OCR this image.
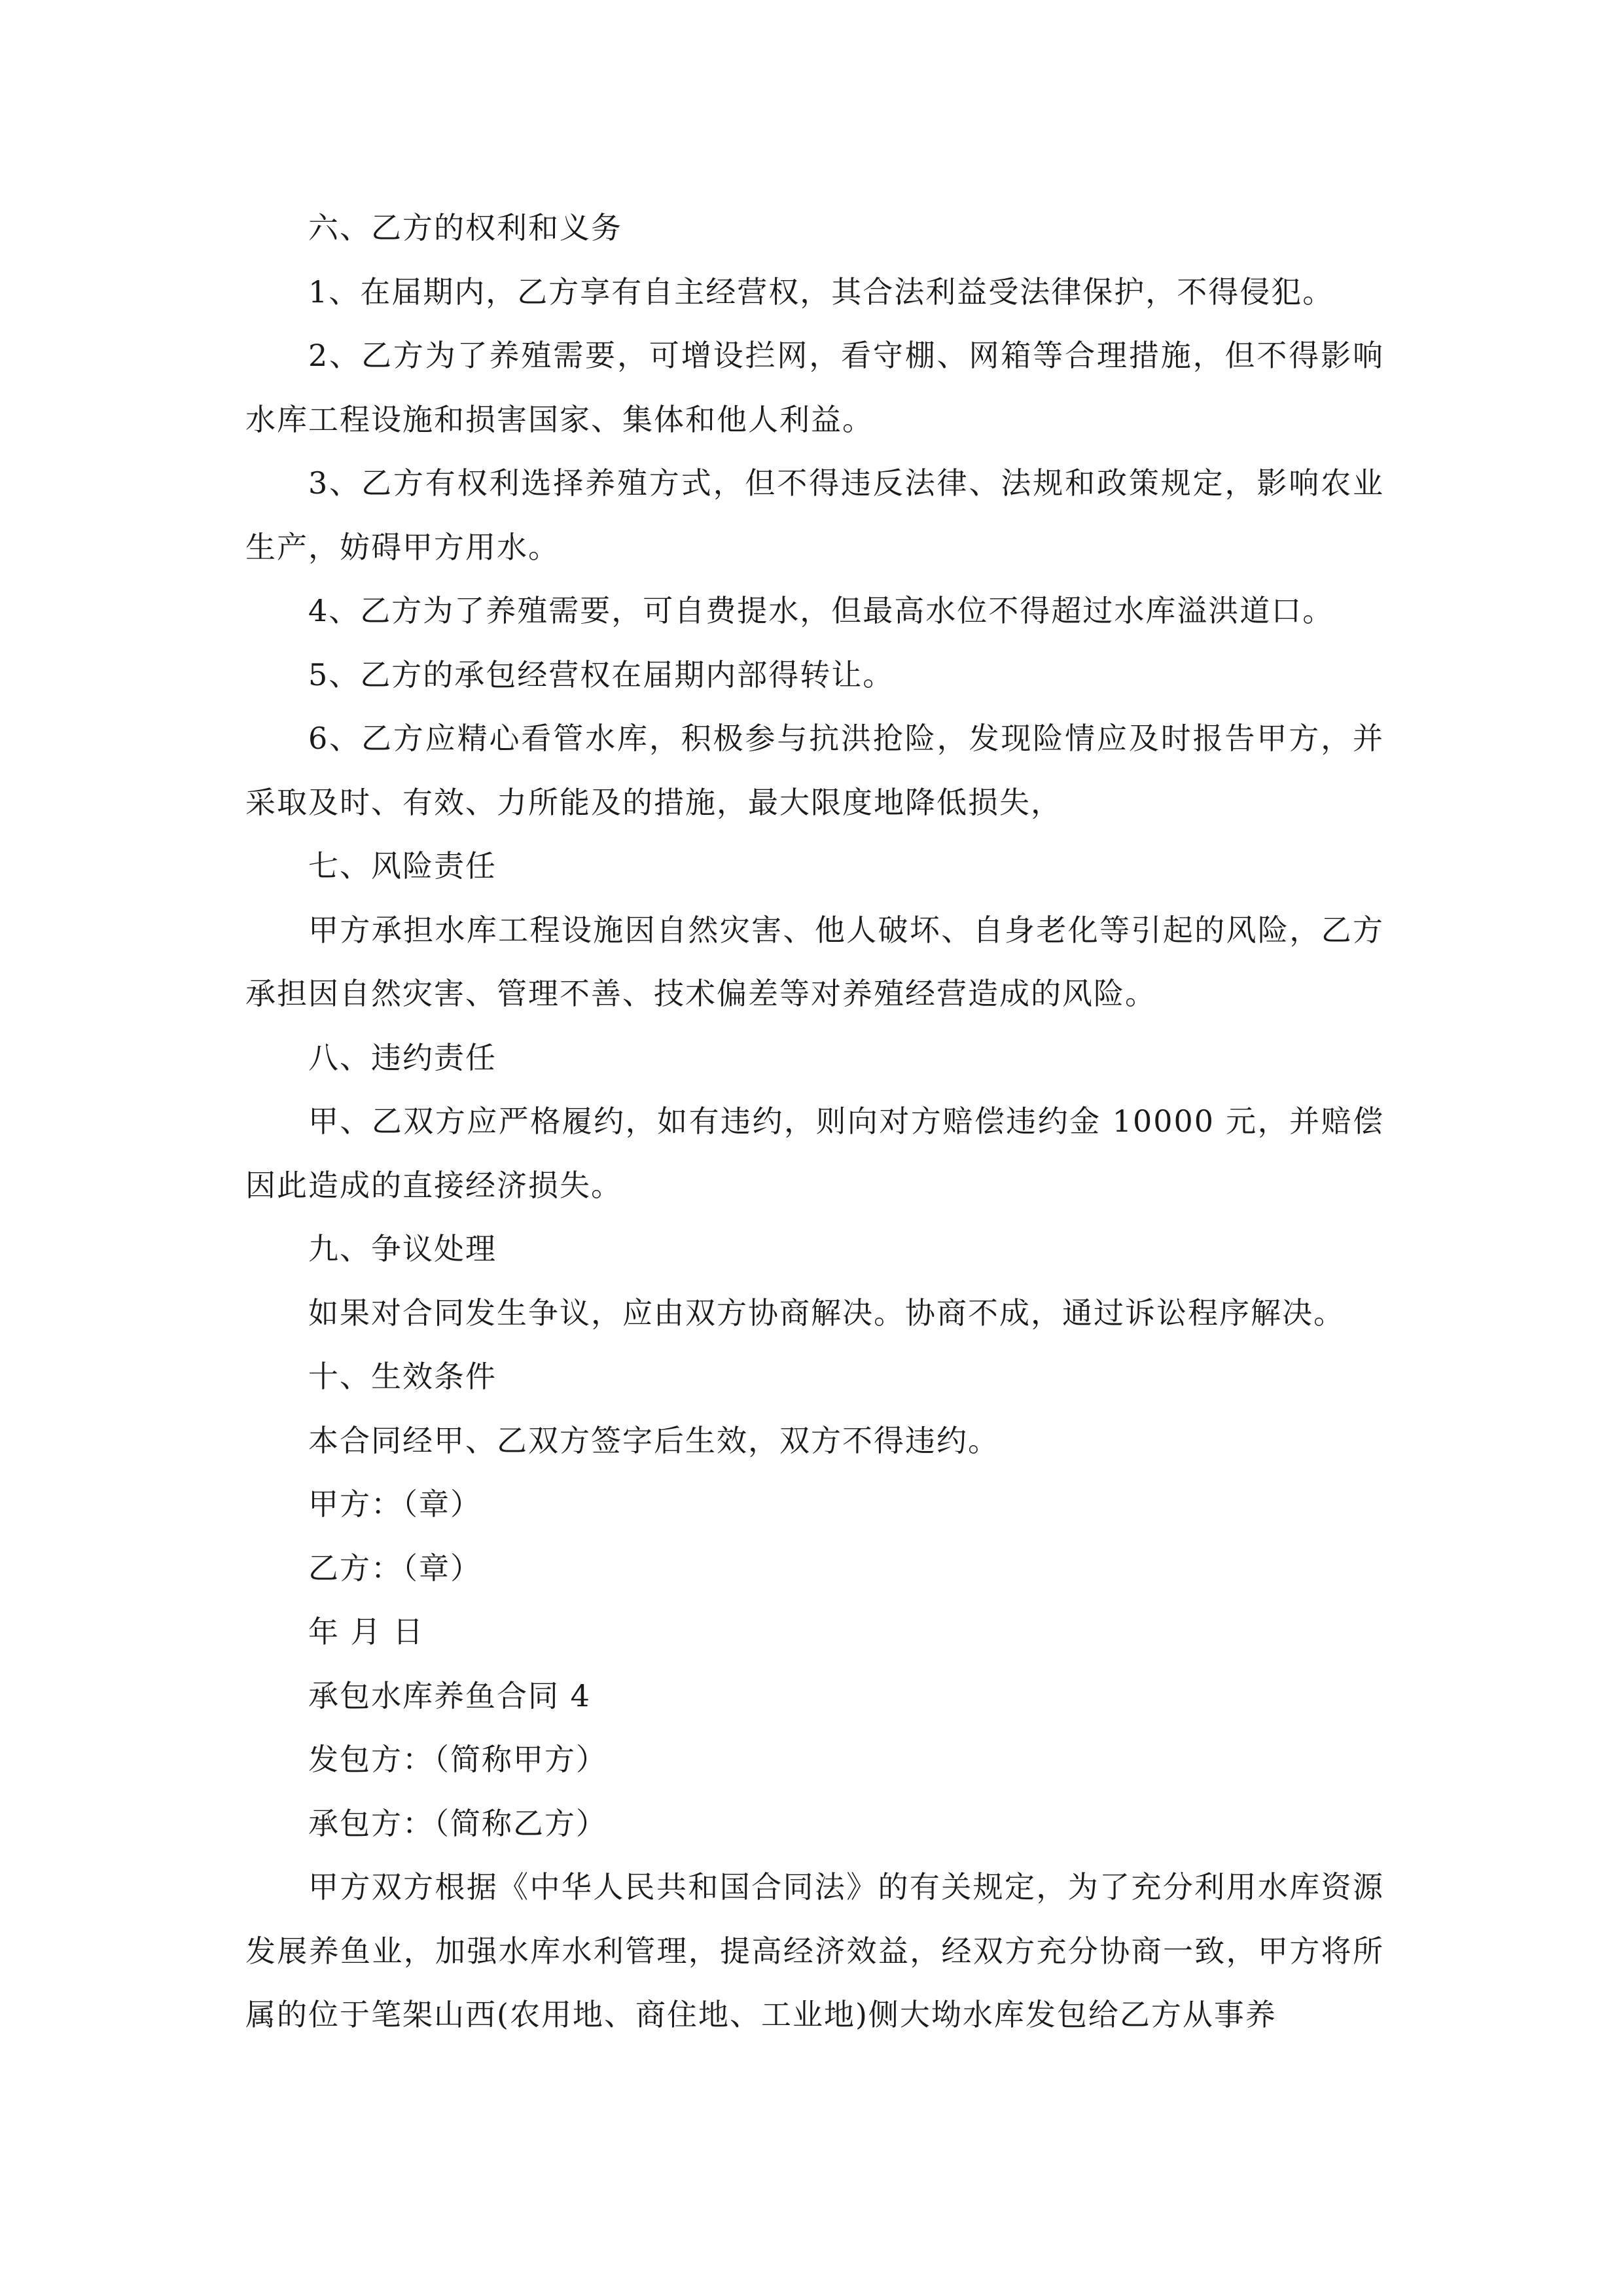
六、乙方的权利和义务

1、在届期内，乙方享有自主经营权，其合法利益受法律保护，不得侵犯。

2、乙方为了养殖需要，可增设拦网，看守棚、网箱等合理措施，但不得影响水库工程设施和损害国家、集体和他人利益。

3、乙方有权利选择养殖方式，但不得违反法律、法规和政策规定，影响农业生产，妨碍甲方用水。

4、乙方为了养殖需要，可自费提水，但最高水位不得超过水库溢洪道口。

5、乙方的承包经营权在届期内部得转让。

6、乙方应精心看管水库，积极参与抗洪抢险，发现险情应及时报告甲方，并采取及时、有效、力所能及的措施，最大限度地降低损失，

七、风险责任

甲方承担水库工程设施因自然灾害、他人破坏、自身老化等引起的风险，乙方承担因自然灾害、管理不善、技术偏差等对养殖经营造成的风险。

八、违约责任

甲、乙双方应严格履约，如有违约，则向对方赔偿违约金 10000 元，并赔偿因此造成的直接经济损失。

九、争议处理

如果对合同发生争议，应由双方协商解决。协商不成，通过诉讼程序解决。

十、生效条件

本合同经甲、乙双方签字后生效，双方不得违约。

甲方：（章）

乙方：（章）

年 月 日

承包水库养鱼合同 4

发包方：（简称甲方）

承包方：（简称乙方）

甲方双方根据《中华人民共和国合同法》的有关规定，为了充分利用水库资源发展养鱼业，加强水库水利管理，提高经济效益，经双方充分协商一致，甲方将所属的位于笔架山西(农用地、商住地、工业地)侧大坳水库发包给乙方从事养
